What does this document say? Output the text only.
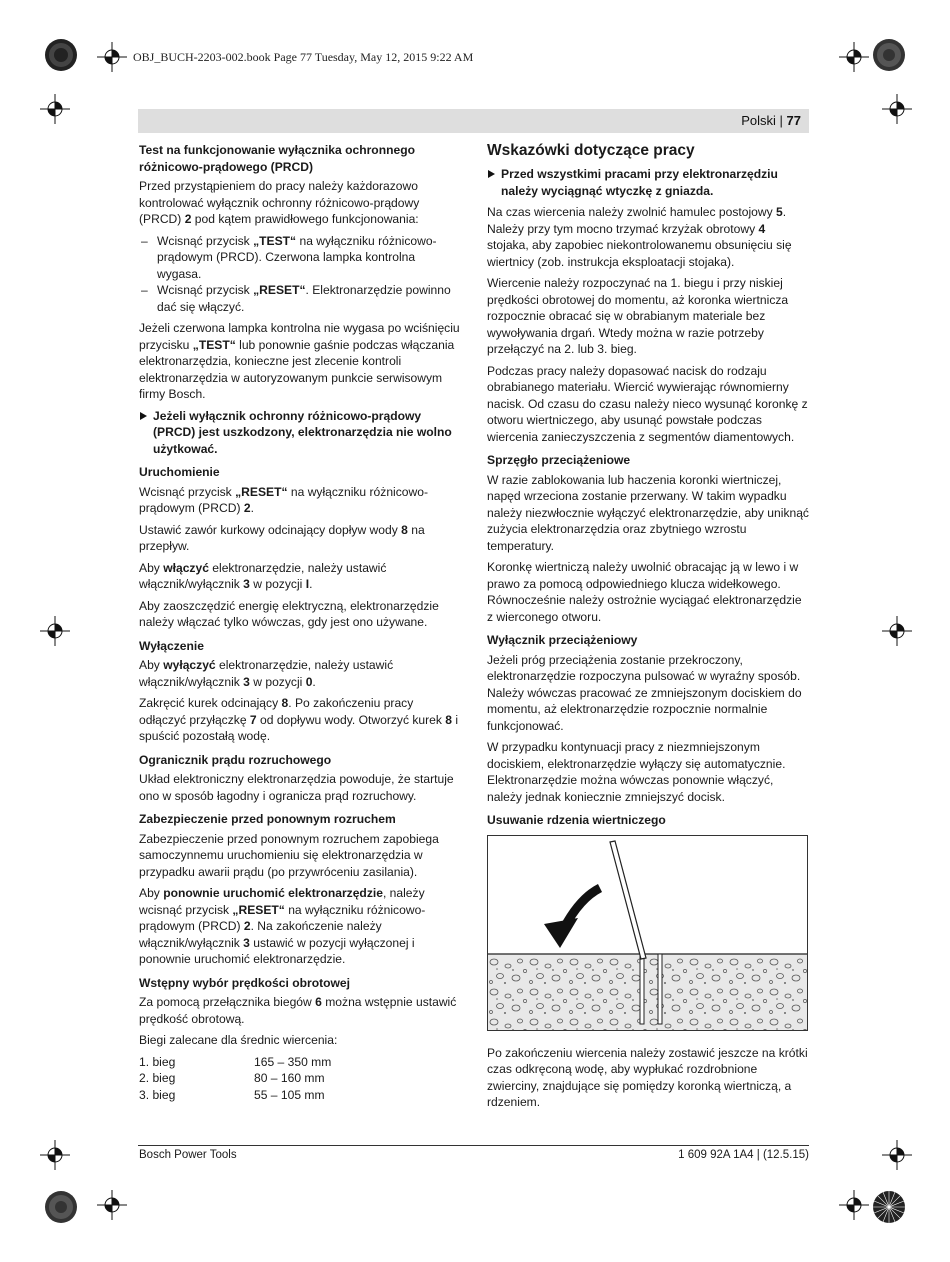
OBJ_BUCH-2203-002.book Page 77 Tuesday, May 12, 2015 9:22 AM
Polski | 77
Test na funkcjonowanie wyłącznika ochronnego różnicowo-prądowego (PRCD)

Przed przystąpieniem do pracy należy każdorazowo kontrolować wyłącznik ochronny różnicowo-prądowy (PRCD) 2 pod kątem prawidłowego funkcjonowania:

– Wcisnąć przycisk „TEST“ na wyłączniku różnicowo-prądowym (PRCD). Czerwona lampka kontrolna wygasa.
– Wcisnąć przycisk „RESET“. Elektronarzędzie powinno dać się włączyć.

Jeżeli czerwona lampka kontrolna nie wygasa po wciśnięciu przycisku „TEST“ lub ponownie gaśnie podczas włączania elektronarzędzia, konieczne jest zlecenie kontroli elektronarzędzia w autoryzowanym punkcie serwisowym firmy Bosch.

Jeżeli wyłącznik ochronny różnicowo-prądowy (PRCD) jest uszkodzony, elektronarzędzia nie wolno użytkować.
Uruchomienie

Wcisnąć przycisk „RESET“ na wyłączniku różnicowo-prądowym (PRCD) 2.

Ustawić zawór kurkowy odcinający dopływ wody 8 na przepływ.

Aby włączyć elektronarzędzie, należy ustawić włącznik/wyłącznik 3 w pozycji I.

Aby zaoszczędzić energię elektryczną, elektronarzędzie należy włączać tylko wówczas, gdy jest ono używane.

Wyłączenie

Aby wyłączyć elektronarzędzie, należy ustawić włącznik/wyłącznik 3 w pozycji 0.

Zakręcić kurek odcinający 8. Po zakończeniu pracy odłączyć przyłączkę 7 od dopływu wody. Otworzyć kurek 8 i spuścić pozostałą wodę.

Ogranicznik prądu rozruchowego

Układ elektroniczny elektronarzędzia powoduje, że startuje ono w sposób łagodny i ogranicza prąd rozruchowy.

Zabezpieczenie przed ponownym rozruchem

Zabezpieczenie przed ponownym rozruchem zapobiega samoczynnemu uruchomieniu się elektronarzędzia w przypadku awarii prądu (po przywróceniu zasilania).

Aby ponownie uruchomić elektronarzędzie, należy wcisnąć przycisk „RESET“ na wyłączniku różnicowo-prądowym (PRCD) 2. Na zakończenie należy włącznik/wyłącznik 3 ustawić w pozycji wyłączonej i ponownie uruchomić elektronarzędzie.

Wstępny wybór prędkości obrotowej

Za pomocą przełącznika biegów 6 można wstępnie ustawić prędkość obrotową.

Biegi zalecane dla średnic wiercenia:

1. bieg	165 – 350 mm
2. bieg	80 – 160 mm
3. bieg	55 – 105 mm
Wskazówki dotyczące pracy
Przed wszystkimi pracami przy elektronarzędziu należy wyciągnąć wtyczkę z gniazda.

Na czas wiercenia należy zwolnić hamulec postojowy 5. Należy przy tym mocno trzymać krzyżak obrotowy 4 stojaka, aby zapobiec niekontrolowanemu obsunięciu się wiertnicy (zob. instrukcja eksploatacji stojaka).

Wiercenie należy rozpoczynać na 1. biegu i przy niskiej prędkości obrotowej do momentu, aż koronka wiertnicza rozpocznie obracać się w obrabianym materiale bez wywoływania drgań. Wtedy można w razie potrzeby przełączyć na 2. lub 3. bieg.

Podczas pracy należy dopasować nacisk do rodzaju obrabianego materiału. Wiercić wywierając równomierny nacisk. Od czasu do czasu należy nieco wysunąć koronkę z otworu wiertniczego, aby usunąć powstałe podczas wiercenia zanieczyszczenia z segmentów diamentowych.

Sprzęgło przeciążeniowe

W razie zablokowania lub haczenia koronki wiertniczej, napęd wrzeciona zostanie przerwany. W takim wypadku należy niezwłocznie wyłączyć elektronarzędzie, aby uniknąć zużycia elektronarzędzia oraz zbytniego wzrostu temperatury.

Koronkę wiertniczą należy uwolnić obracając ją w lewo i w prawo za pomocą odpowiedniego klucza widełkowego. Równocześnie należy ostrożnie wyciągać elektronarzędzie z wierconego otworu.

Wyłącznik przeciążeniowy

Jeżeli próg przeciążenia zostanie przekroczony, elektronarzędzie rozpoczyna pulsować w wyraźny sposób. Należy wówczas pracować ze zmniejszonym dociskiem do momentu, aż elektronarzędzie rozpocznie normalnie funkcjonować.

W przypadku kontynuacji pracy z niezmniejszonym dociskiem, elektronarzędzie wyłączy się automatycznie. Elektronarzędzie można wówczas ponownie włączyć, należy jednak koniecznie zmniejszyć docisk.

Usuwanie rdzenia wiertniczego

Po zakończeniu wiercenia należy zostawić jeszcze na krótki czas odkręconą wodę, aby wypłukać rozdrobnione zwierciny, znajdujące się pomiędzy koronką wiertniczą, a rdzeniem.

Bosch Power Tools	1 609 92A 1A4 | (12.5.15)
